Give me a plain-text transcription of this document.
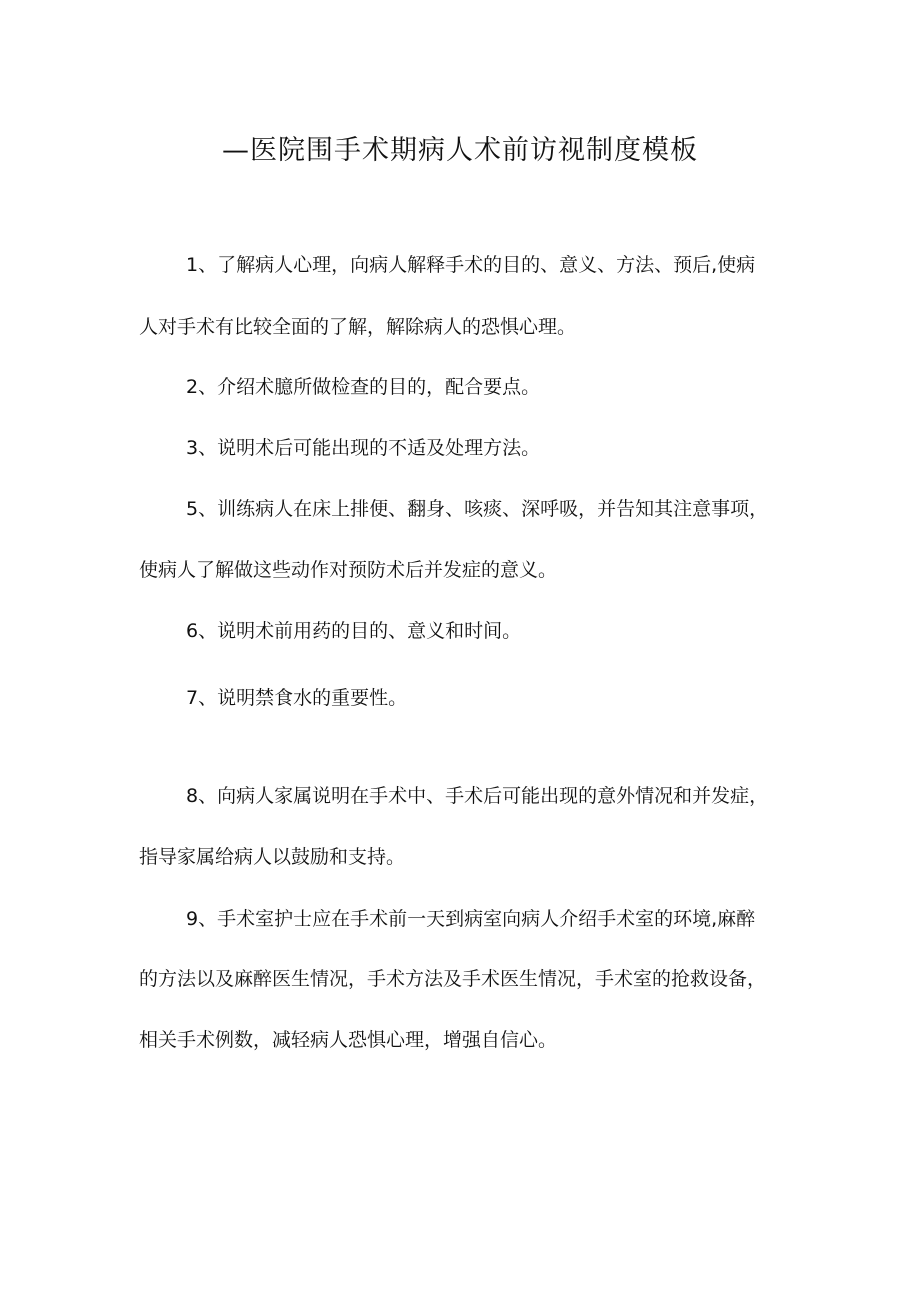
—医院围手术期病人术前访视制度模板
1、了解病人心理，向病人解释手术的目的、意义、方法、预后,使病
人对手术有比较全面的了解，解除病人的恐惧心理。
2、介绍术臆所做检查的目的，配合要点。
3、说明术后可能出现的不适及处理方法。
5、训练病人在床上排便、翻身、咳痰、深呼吸，并告知其注意事项，
使病人了解做这些动作对预防术后并发症的意义。
6、说明术前用药的目的、意义和时间。
7、说明禁食水的重要性。
8、向病人家属说明在手术中、手术后可能出现的意外情况和并发症，
指导家属给病人以鼓励和支持。
9、手术室护士应在手术前一天到病室向病人介绍手术室的环境,麻醉
的方法以及麻醉医生情况，手术方法及手术医生情况，手术室的抢救设备，
相关手术例数，减轻病人恐惧心理，增强自信心。
